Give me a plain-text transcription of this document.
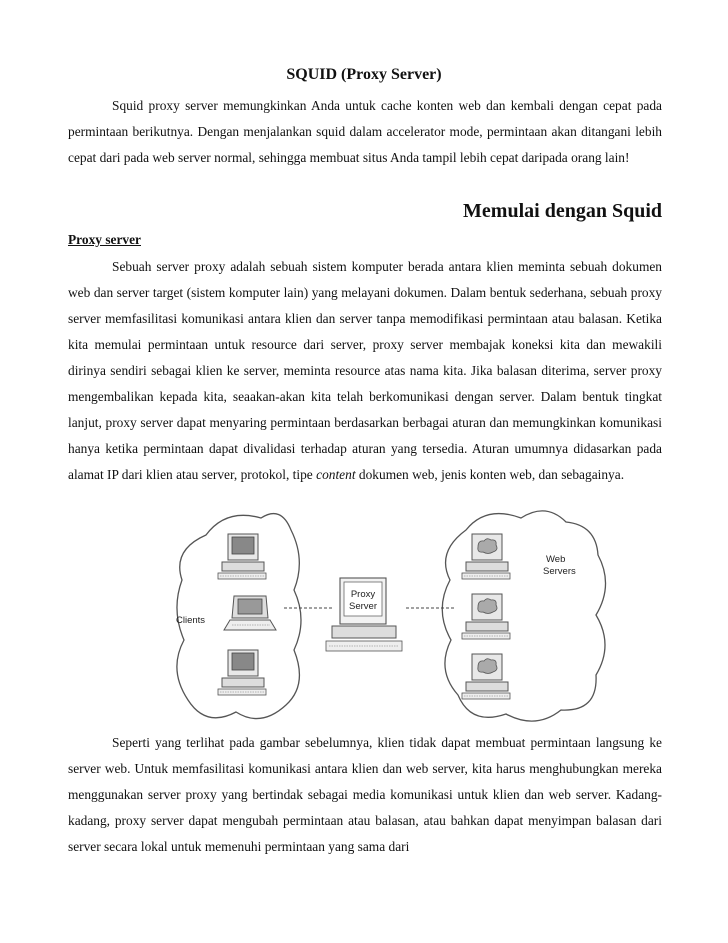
SQUID (Proxy Server)

Squid proxy server memungkinkan Anda untuk cache konten web dan kembali dengan cepat pada permintaan berikutnya. Dengan menjalankan squid dalam accelerator mode, permintaan akan ditangani lebih cepat dari pada web server normal, sehingga membuat situs Anda tampil lebih cepat daripada orang lain!

Memulai dengan Squid
Proxy server

Sebuah server proxy adalah sebuah sistem komputer berada antara klien meminta sebuah dokumen web dan server target (sistem komputer lain) yang melayani dokumen. Dalam bentuk sederhana, sebuah proxy server memfasilitasi komunikasi antara klien dan server tanpa memodifikasi permintaan atau balasan. Ketika kita memulai permintaan untuk resource dari server, proxy server membajak koneksi kita dan mewakili dirinya sendiri sebagai klien ke server, meminta resource atas nama kita. Jika balasan diterima, server proxy mengembalikan kepada kita, seaakan-akan kita telah berkomunikasi dengan server. Dalam bentuk tingkat lanjut, proxy server dapat menyaring permintaan berdasarkan berbagai aturan dan memungkinkan komunikasi hanya ketika permintaan dapat divalidasi terhadap aturan yang tersedia. Aturan umumnya didasarkan pada alamat IP dari klien atau server, protokol, tipe content dokumen web, jenis konten web, dan sebagainya.

Clients
Proxy
Server
Web
Servers

Seperti yang terlihat pada gambar sebelumnya, klien tidak dapat membuat permintaan langsung ke server web. Untuk memfasilitasi komunikasi antara klien dan web server, kita harus menghubungkan mereka menggunakan server proxy yang bertindak sebagai media komunikasi untuk klien dan web server. Kadang-kadang, proxy server dapat mengubah permintaan atau balasan, atau bahkan dapat menyimpan balasan dari server secara lokal untuk memenuhi permintaan yang sama dari
